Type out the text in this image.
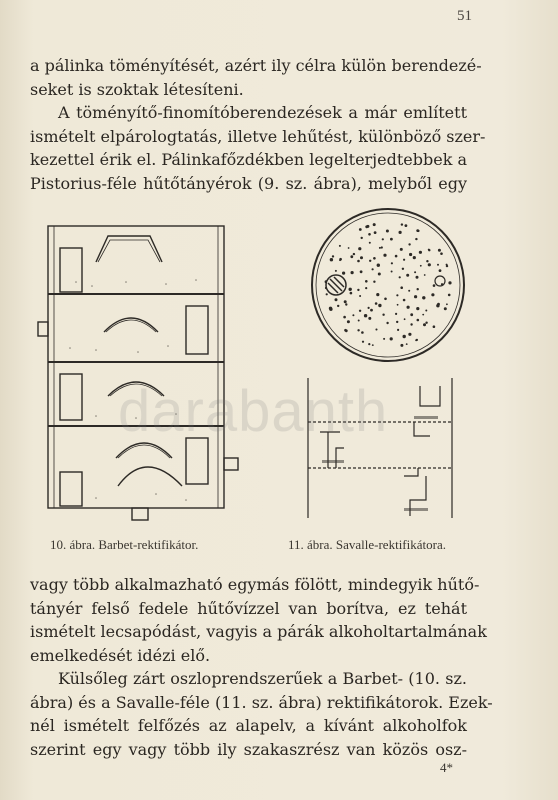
51
a pálinka töményítését, azért ily célra külön berendezé-
seket is szoktak létesíteni.
A töményítő-finomítóberendezések a már említett
ismételt elpárologtatás, illetve lehűtést, különböző szer-
kezettel érik el. Pálinkafőzdékben legelterjedtebbek a
Pistorius-féle hűtőtányérok (9. sz. ábra), melyből egy
10. ábra. Barbet-rektifikátor.	11. ábra. Savalle-rektifikátora.
vagy több alkalmazható egymás fölött, mindegyik hűtő-
tányér felső fedele hűtővízzel van borítva, ez tehát
ismételt lecsapódást, vagyis a párák alkoholtartalmának
emelkedését idézi elő.
Külsőleg zárt oszloprendszerűek a Barbet- (10. sz.
ábra) és a Savalle-féle (11. sz. ábra) rektifikátorok. Ezek-
nél ismételt felfőzés az alapelv, a kívánt alkoholfok
szerint egy vagy több ily szakaszrész van közös osz-
4*
darabanth
